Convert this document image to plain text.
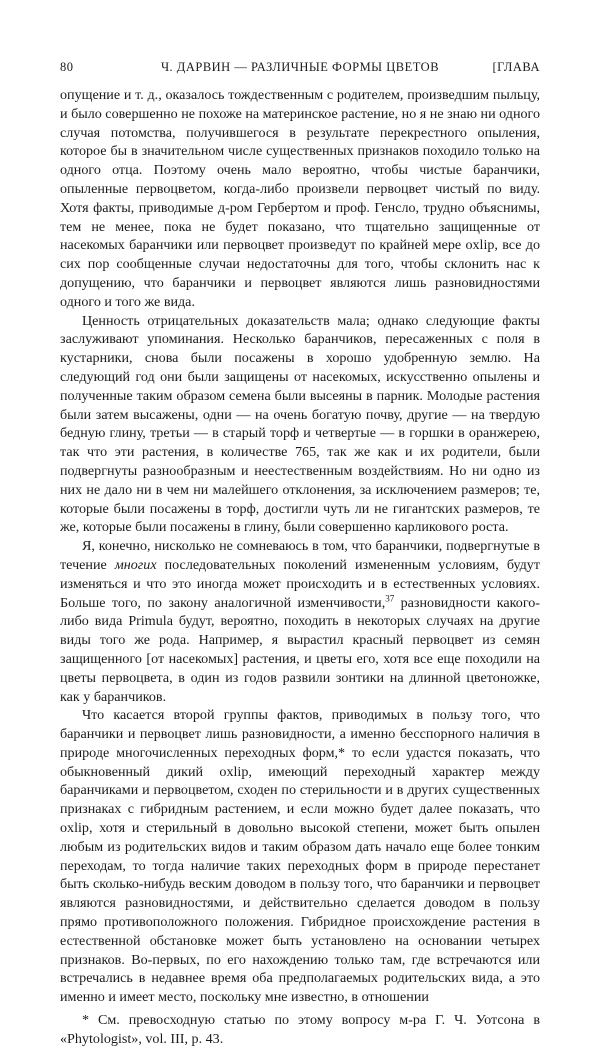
80	Ч. ДАРВИН — РАЗЛИЧНЫЕ ФОРМЫ ЦВЕТОВ	[ГЛАВА

опущение и т. д., оказалось тождественным с родителем, произведшим пыльцу, и было совершенно не похоже на материнское растение, но я не знаю ни одного случая потомства, получившегося в результате перекрестного опыления, которое бы в значительном числе существенных признаков походило только на одного отца. Поэтому очень мало вероятно, чтобы чистые баранчики, опыленные первоцветом, когда-либо произвели первоцвет чистый по виду. Хотя факты, приводимые д-ром Гербертом и проф. Генсло, трудно объяснимы, тем не менее, пока не будет показано, что тщательно защищенные от насекомых баранчики или первоцвет произведут по крайней мере oxlip, все до сих пор сообщенные случаи недостаточны для того, чтобы склонить нас к допущению, что баранчики и первоцвет являются лишь разновидностями одного и того же вида.

Ценность отрицательных доказательств мала; однако следующие факты заслуживают упоминания. Несколько баранчиков, пересаженных с поля в кустарники, снова были посажены в хорошо удобренную землю. На следующий год они были защищены от насекомых, искусственно опылены и полученные таким образом семена были высеяны в парник. Молодые растения были затем высажены, одни — на очень богатую почву, другие — на твердую бедную глину, третьи — в старый торф и четвертые — в горшки в оранжерею, так что эти растения, в количестве 765, так же как и их родители, были подвергнуты разнообразным и неестественным воздействиям. Но ни одно из них не дало ни в чем ни малейшего отклонения, за исключением размеров; те, которые были посажены в торф, достигли чуть ли не гигантских размеров, те же, которые были посажены в глину, были совершенно карликового роста.

Я, конечно, нисколько не сомневаюсь в том, что баранчики, подвергнутые в течение многих последовательных поколений измененным условиям, будут изменяться и что это иногда может происходить и в естественных условиях. Больше того, по закону аналогичной изменчивости,$^{37}$ разновидности какого-либо вида Primula будут, вероятно, походить в некоторых случаях на другие виды того же рода. Например, я вырастил красный первоцвет из семян защищенного [от насекомых] растения, и цветы его, хотя все еще походили на цветы первоцвета, в один из годов развили зонтики на длинной цветоножке, как у баранчиков.

Что касается второй группы фактов, приводимых в пользу того, что баранчики и первоцвет лишь разновидности, а именно бесспорного наличия в природе многочисленных переходных форм,* то если удастся показать, что обыкновенный дикий oxlip, имеющий переходный характер между баранчиками и первоцветом, сходен по стерильности и в других существенных признаках с гибридным растением, и если можно будет далее показать, что oxlip, хотя и стерильный в довольно высокой степени, может быть опылен любым из родительских видов и таким образом дать начало еще более тонким переходам, то тогда наличие таких переходных форм в природе перестанет быть сколько-нибудь веским доводом в пользу того, что баранчики и первоцвет являются разновидностями, и действительно сделается доводом в пользу прямо противоположного положения. Гибридное происхождение растения в естественной обстановке может быть установлено на основании четырех признаков. Во-первых, по его нахождению только там, где встречаются или встречались в недавнее время оба предполагаемых родительских вида, а это именно и имеет место, поскольку мне известно, в отношении

* См. превосходную статью по этому вопросу м-ра Г. Ч. Уотсона в «Phytologist», vol. III, p. 43.
